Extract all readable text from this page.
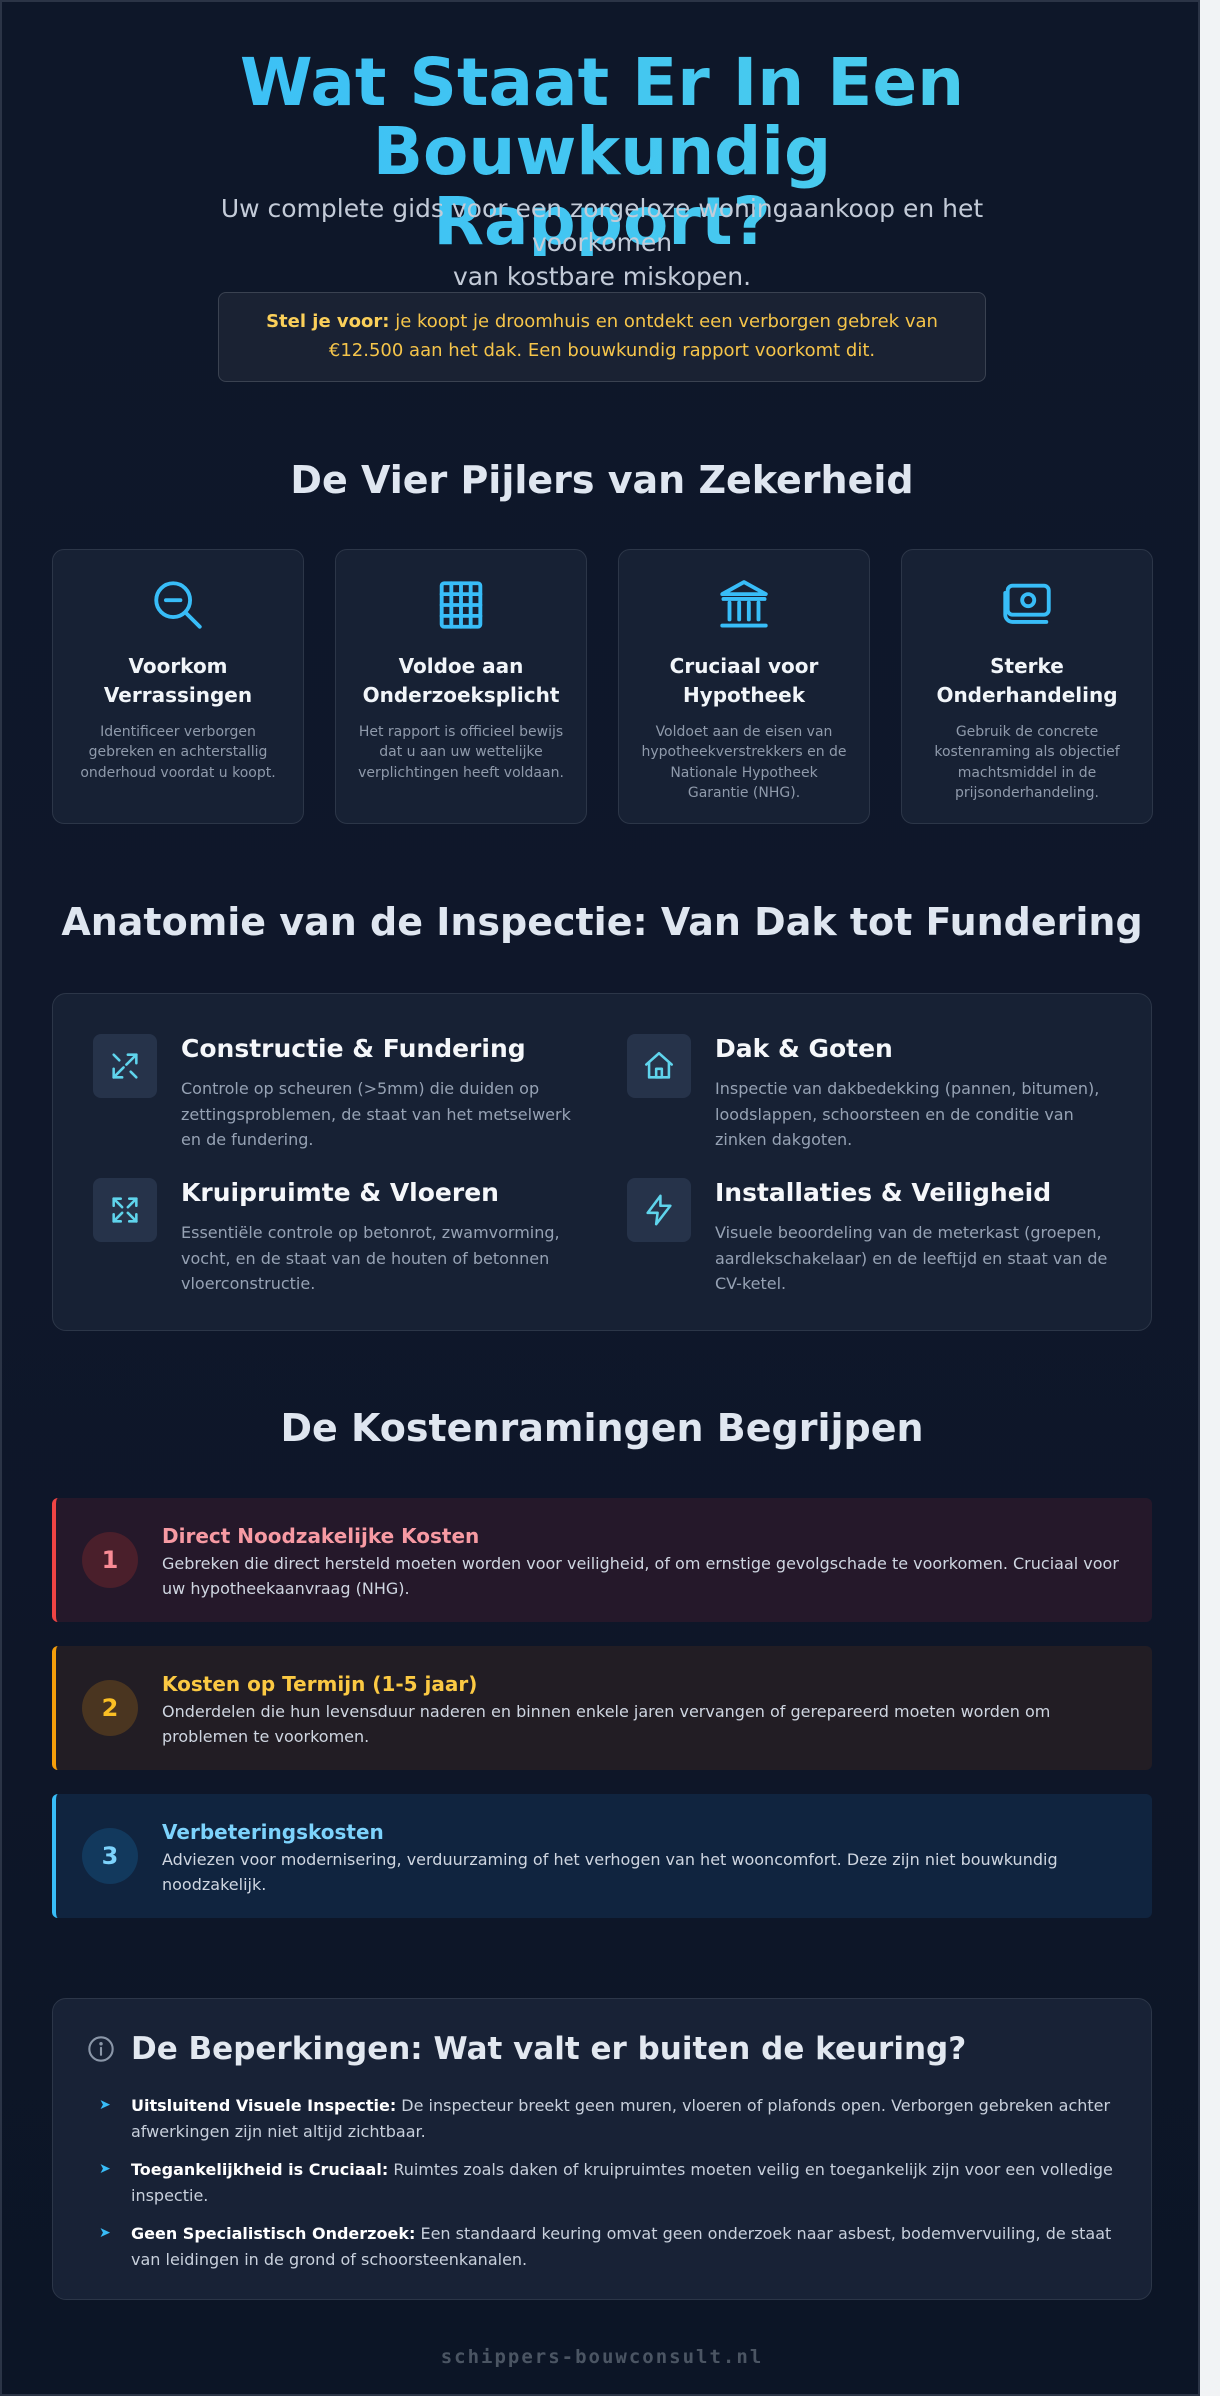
Wat Staat Er In Een Bouwkundig
Rapport?

Uw complete gids voor een zorgeloze woningaankoop en het voorkomen
van kostbare miskopen.

Stel je voor: je koopt je droomhuis en ontdekt een verborgen gebrek van €12.500 aan het dak. Een bouwkundig rapport voorkomt dit.

De Vier Pijlers van Zekerheid
Voorkom Verrassingen
Identificeer verborgen gebreken en achterstallig onderhoud voordat u koopt.
Voldoe aan Onderzoeksplicht
Het rapport is officieel bewijs dat u aan uw wettelijke verplichtingen heeft voldaan.
Cruciaal voor Hypotheek
Voldoet aan de eisen van hypotheekverstrekkers en de Nationale Hypotheek Garantie (NHG).
Sterke Onderhandeling
Gebruik de concrete kostenraming als objectief machtsmiddel in de prijsonderhandeling.
Anatomie van de Inspectie: Van Dak tot Fundering
Constructie & Fundering
Controle op scheuren (>5mm) die duiden op zettingsproblemen, de staat van het metselwerk en de fundering.
Dak & Goten
Inspectie van dakbedekking (pannen, bitumen), loodslappen, schoorsteen en de conditie van zinken dakgoten.
Kruipruimte & Vloeren
Essentiële controle op betonrot, zwamvorming, vocht, en de staat van de houten of betonnen vloerconstructie.
Installaties & Veiligheid
Visuele beoordeling van de meterkast (groepen, aardlekschakelaar) en de leeftijd en staat van de CV-ketel.
De Kostenramingen Begrijpen
1
Direct Noodzakelijke Kosten
Gebreken die direct hersteld moeten worden voor veiligheid, of om ernstige gevolgschade te voorkomen. Cruciaal voor uw hypotheekaanvraag (NHG).
2
Kosten op Termijn (1-5 jaar)
Onderdelen die hun levensduur naderen en binnen enkele jaren vervangen of gerepareerd moeten worden om problemen te voorkomen.
3
Verbeteringskosten
Adviezen voor modernisering, verduurzaming of het verhogen van het wooncomfort. Deze zijn niet bouwkundig noodzakelijk.
De Beperkingen: Wat valt er buiten de keuring?
➤ Uitsluitend Visuele Inspectie: De inspecteur breekt geen muren, vloeren of plafonds open. Verborgen gebreken achter afwerkingen zijn niet altijd zichtbaar.

➤ Toegankelijkheid is Cruciaal: Ruimtes zoals daken of kruipruimtes moeten veilig en toegankelijk zijn voor een volledige inspectie.

➤ Geen Specialistisch Onderzoek: Een standaard keuring omvat geen onderzoek naar asbest, bodemvervuiling, de staat van leidingen in de grond of schoorsteenkanalen.

schippers-bouwconsult.nl
